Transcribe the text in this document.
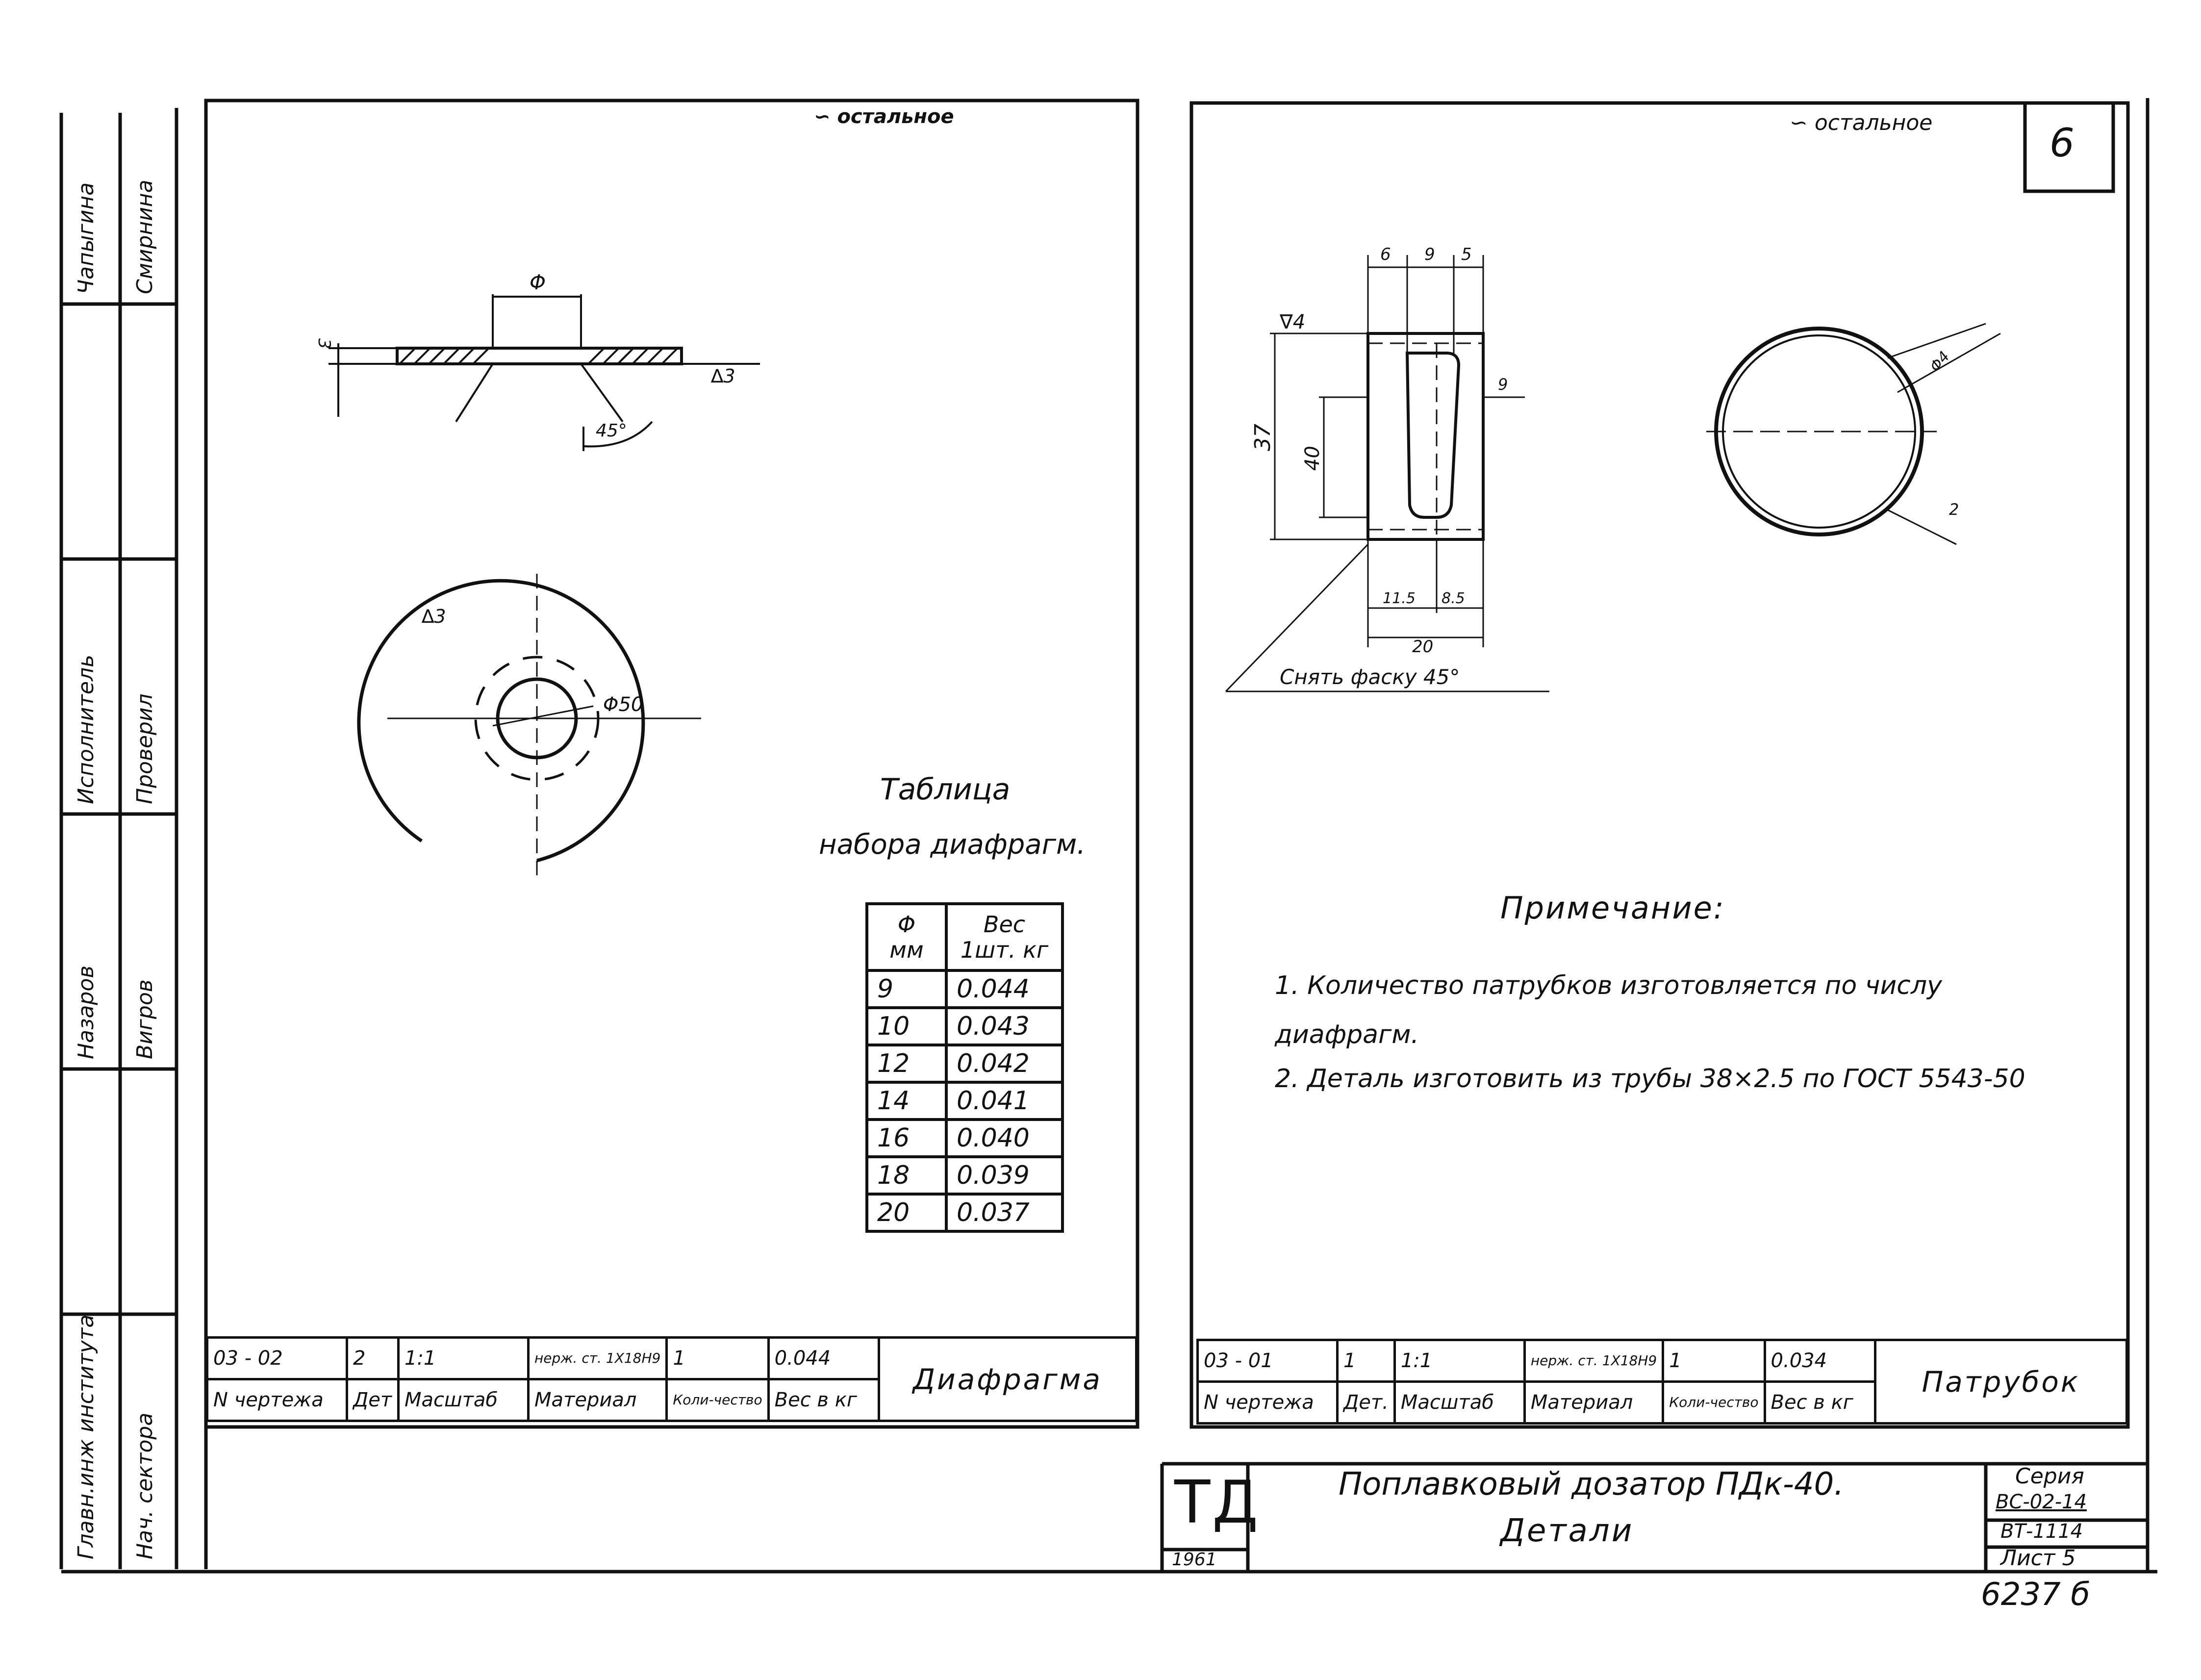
Φ
45°
∆3
3
Φ50
∆3
6 9 5
∇4
37
40
9
11.5 8.5
20
Снять фаску 45°
Φ4
2
Главн.инж института Нач. сектора
Чапыгина Смирнина
Исполнитель Проверил
Назаров Вигров
∽ остальное
Таблица
набора диафрагм.
Φ мм	Вес 1шт. кг
9	0.044
10	0.043
12	0.042
14	0.041
16	0.040
18	0.039
20	0.037
03 - 02	2	1:1	нерж. ст. 1Х18Н9	1	0.044	Диафрагма
N чертежа	Дет	Масштаб	Материал	Коли-чество	Вес в кг	
∽ остальное	6
Примечание:
1. Количество патрубков изготовляется по числу диафрагм.
2. Деталь изготовить из трубы 38×2.5 по ГОСТ 5543-50
03 - 01	1	1:1	нерж. ст. 1Х18Н9	1	0.034	Патрубок
N чертежа	Дет.	Масштаб	Материал	Коли-чество	Вес в кг	
ТД
1961
Поплавковый дозатор ПДк-40.
Детали
Серия
ВС-02-14
ВТ-1114
Лист 5
6237 б
